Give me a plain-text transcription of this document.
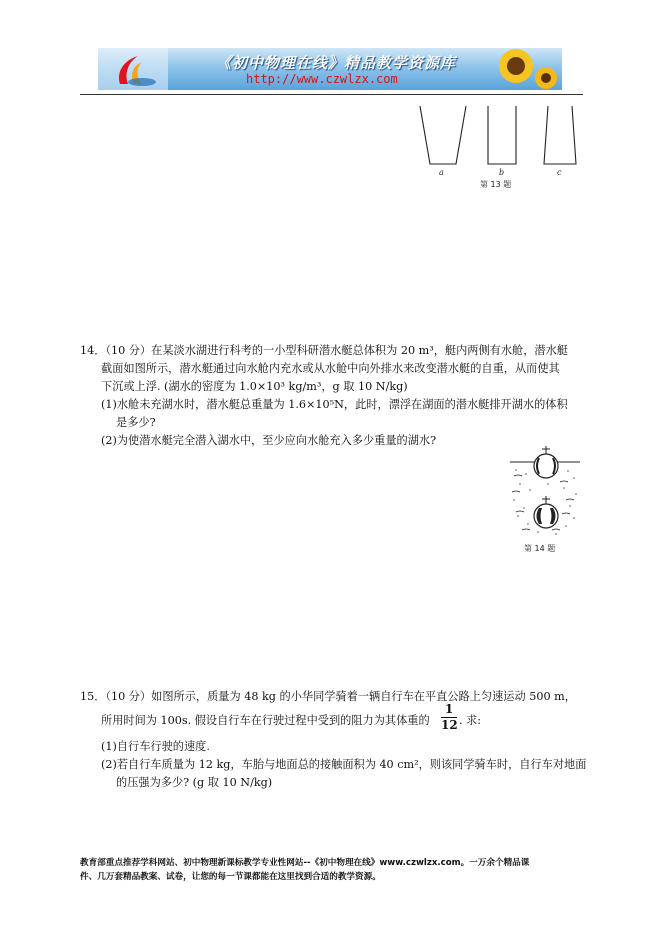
《初中物理在线》精品教学资源库
http://www.czwlzx.com
a	b	c
第 13 题
14．（10 分）在某淡水湖进行科考的一小型科研潜水艇总体积为 20 m³，艇内两侧有水舱，潜水艇
截面如图所示，潜水艇通过向水舱内充水或从水舱中向外排水来改变潜水艇的自重，从而使其
下沉或上浮. (湖水的密度为 1.0×10³ kg/m³，g 取 10 N/kg)
(1)水舱未充湖水时，潜水艇总重量为 1.6×10⁵N，此时，漂浮在湖面的潜水艇排开湖水的体积
是多少?
(2)为使潜水艇完全潜入湖水中，至少应向水舱充入多少重量的湖水?
第 14 题
15．（10 分）如图所示，质量为 48 kg 的小华同学骑着一辆自行车在平直公路上匀速运动 500 m，
所用时间为 100s. 假设自行车在行驶过程中受到的阻力为其体重的
1
12 . 求:
(1)自行车行驶的速度.
(2)若自行车质量为 12 kg，车胎与地面总的接触面积为 40 cm²，则该同学骑车时，自行车对地面
的压强为多少? (g 取 10 N/kg)
教育部重点推荐学科网站、初中物理新课标教学专业性网站--《初中物理在线》www.czwlzx.com。一万余个精品课
件、几万套精品教案、试卷，让您的每一节课都能在这里找到合适的教学资源。
